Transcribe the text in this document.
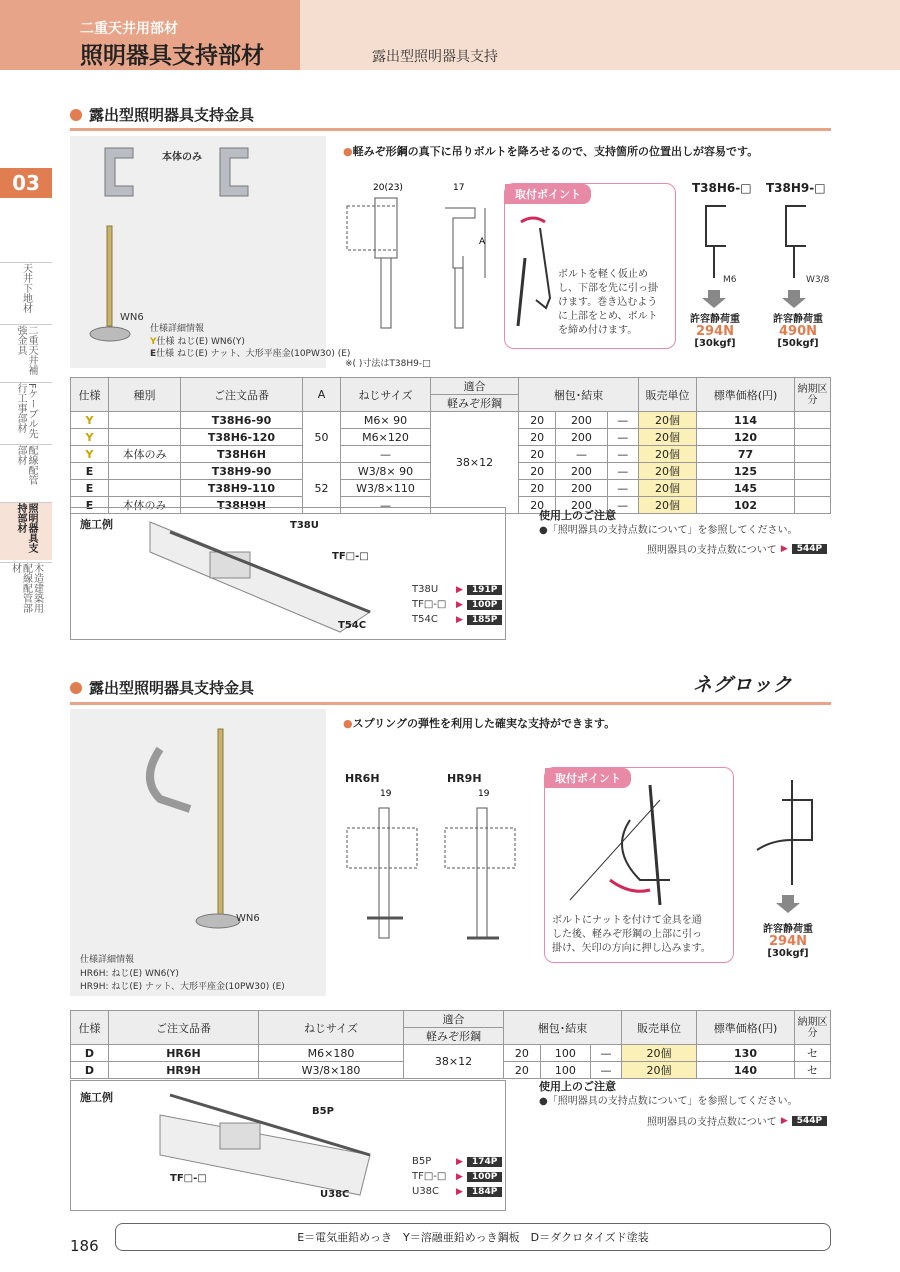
二重天井用部材
照明器具支持部材	露出型照明器具支持
03
天井下地材
二重天井補強金具
Fケーブル先行工事部材
配線配管部材
照明器具支持部材
木造建築用配線配管部材
露出型照明器具支持金具
本体のみ
WN6
仕様詳細情報
Y仕様 ねじ(E) WN6(Y)
E仕様 ねじ(E) ナット、大形平座金(10PW30) (E)
● 軽みぞ形鋼の真下に吊りボルトを降ろせるので、支持箇所の位置出しが容易です。
20(23)	17
A
※( )寸法はT38H9-□
取付ポイント
ボルトを軽く仮止め
し、下部を先に引っ掛
けます。巻き込むよう
に上部をとめ、ボルト
を締め付けます。
T38H6-□ T38H9-□
M6	W3/8
許容静荷重
294N
[30kgf]
許容静荷重
490N
[50kgf]
仕様	種別	ご注文品番	A	ねじサイズ	適合	梱包･結束			販売単位	標準価格(円)	納期区分
					軽みぞ形鋼						
Y		T38H6-90	50	M6× 90	38×12	20	200	—	20個	114	
Y		T38H6-120		M6×120		20	200	—	20個	120	
Y	本体のみ	T38H6H		—		20	—	—	20個	77	
E		T38H9-90	52	W3/8× 90		20	200	—	20個	125	
E		T38H9-110		W3/8×110		20	200	—	20個	145	
E	本体のみ	T38H9H		—		20	200	—	20個	102	
施工例	T38U
TF□-□
T54C
T38U	▶	191P
TF□-□	▶	100P
T54C	▶	185P
使用上のご注意
●「照明器具の支持点数について」を参照してください。
照明器具の支持点数について ▶	544P
露出型照明器具支持金具	ネグロック
WN6
仕様詳細情報
HR6H: ねじ(E) WN6(Y)
HR9H: ねじ(E) ナット、大形平座金(10PW30) (E)
● スプリングの弾性を利用した確実な支持ができます。
HR6H	HR9H
19	19
取付ポイント
ボルトにナットを付けて金具を通
した後、軽みぞ形鋼の上部に引っ
掛け、矢印の方向に押し込みます。
許容静荷重
294N
[30kgf]
仕様	ご注文品番	ねじサイズ	適合	梱包･結束			販売単位	標準価格(円)	納期区分
			軽みぞ形鋼						
D	HR6H	M6×180	38×12	20	100	—	20個	130	セ
D	HR9H	W3/8×180		20	100	—	20個	140	セ
施工例
B5P
TF□-□
U38C
B5P	▶	174P
TF□-□	▶	100P
U38C	▶	184P
使用上のご注意
●「照明器具の支持点数について」を参照してください。
照明器具の支持点数について ▶	544P
186	E＝電気亜鉛めっき　Y＝溶融亜鉛めっき鋼板　D＝ダクロタイズド塗装
